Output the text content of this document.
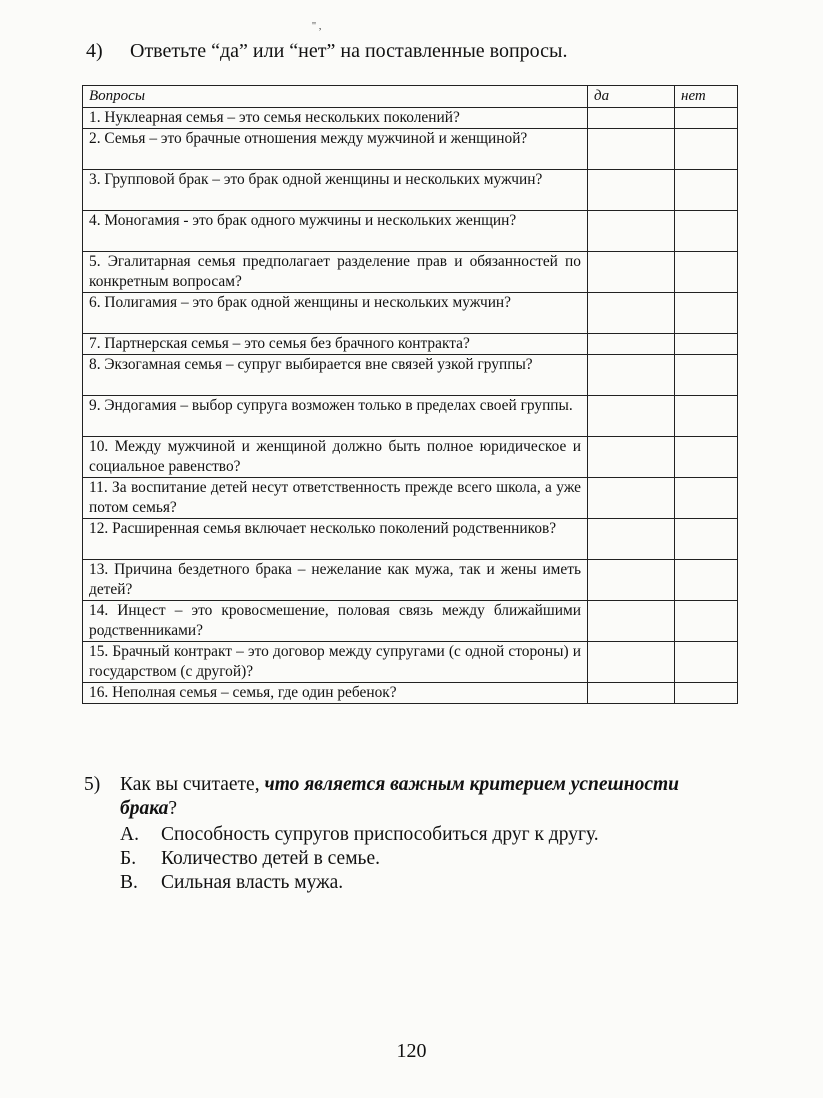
'' ,
4) Ответьте “да” или “нет” на поставленные вопросы.
Вопросы	да	нет
1. Нуклеарная семья – это семья нескольких поколений?		
2. Семья – это брачные отношения между мужчиной и женщиной?		
3. Групповой брак – это брак одной женщины и нескольких мужчин?		
4. Моногамия - это брак одного мужчины и нескольких женщин?		
5. Эгалитарная семья предполагает разделение прав и обязанностей по конкретным вопросам?		
6. Полигамия – это брак одной женщины и нескольких мужчин?		
7. Партнерская семья – это семья без брачного контракта?		
8. Экзогамная семья – супруг выбирается вне связей узкой группы?		
9. Эндогамия – выбор супруга возможен только в пределах своей группы.		
10. Между мужчиной и женщиной должно быть полное юридическое и социальное равенство?		
11. За воспитание детей несут ответственность прежде всего школа, а уже потом семья?		
12. Расширенная семья включает несколько поколений родственников?		
13. Причина бездетного брака – нежелание как мужа, так и жены иметь детей?		
14. Инцест – это кровосмешение, половая связь между ближайшими родственниками?		
15. Брачный контракт – это договор между супругами (с одной стороны) и государством (с другой)?		
16. Неполная семья – семья, где один ребенок?		
5)	Как вы считаете, что является важным критерием успешности
брака?
А.	Способность супругов приспособиться друг к другу.
Б.	Количество детей в семье.
В.	Сильная власть мужа.
120
